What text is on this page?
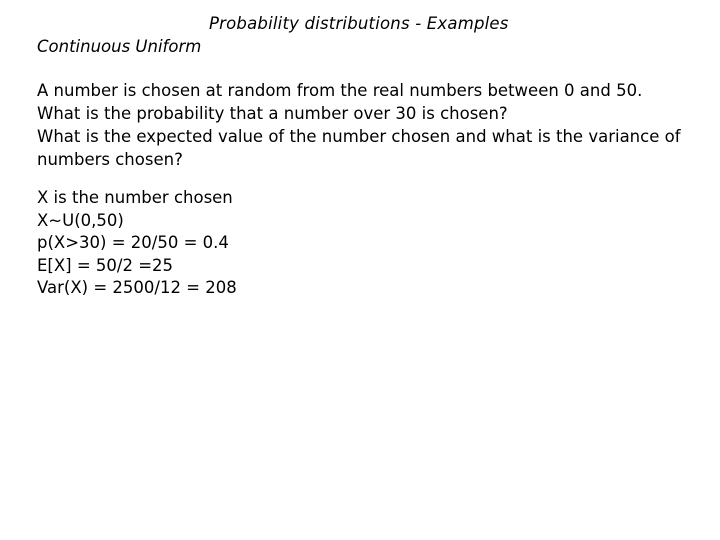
Probability distributions - Examples
Continuous Uniform
A number is chosen at random from the real numbers between 0 and 50.
What is the probability that a number over 30 is chosen?
What is the expected value of the number chosen and what is the variance of
numbers chosen?
X is the number chosen
X~U(0,50)
p(X>30) = 20/50 = 0.4
E[X] = 50/2 =25
Var(X) = 2500/12 = 208
